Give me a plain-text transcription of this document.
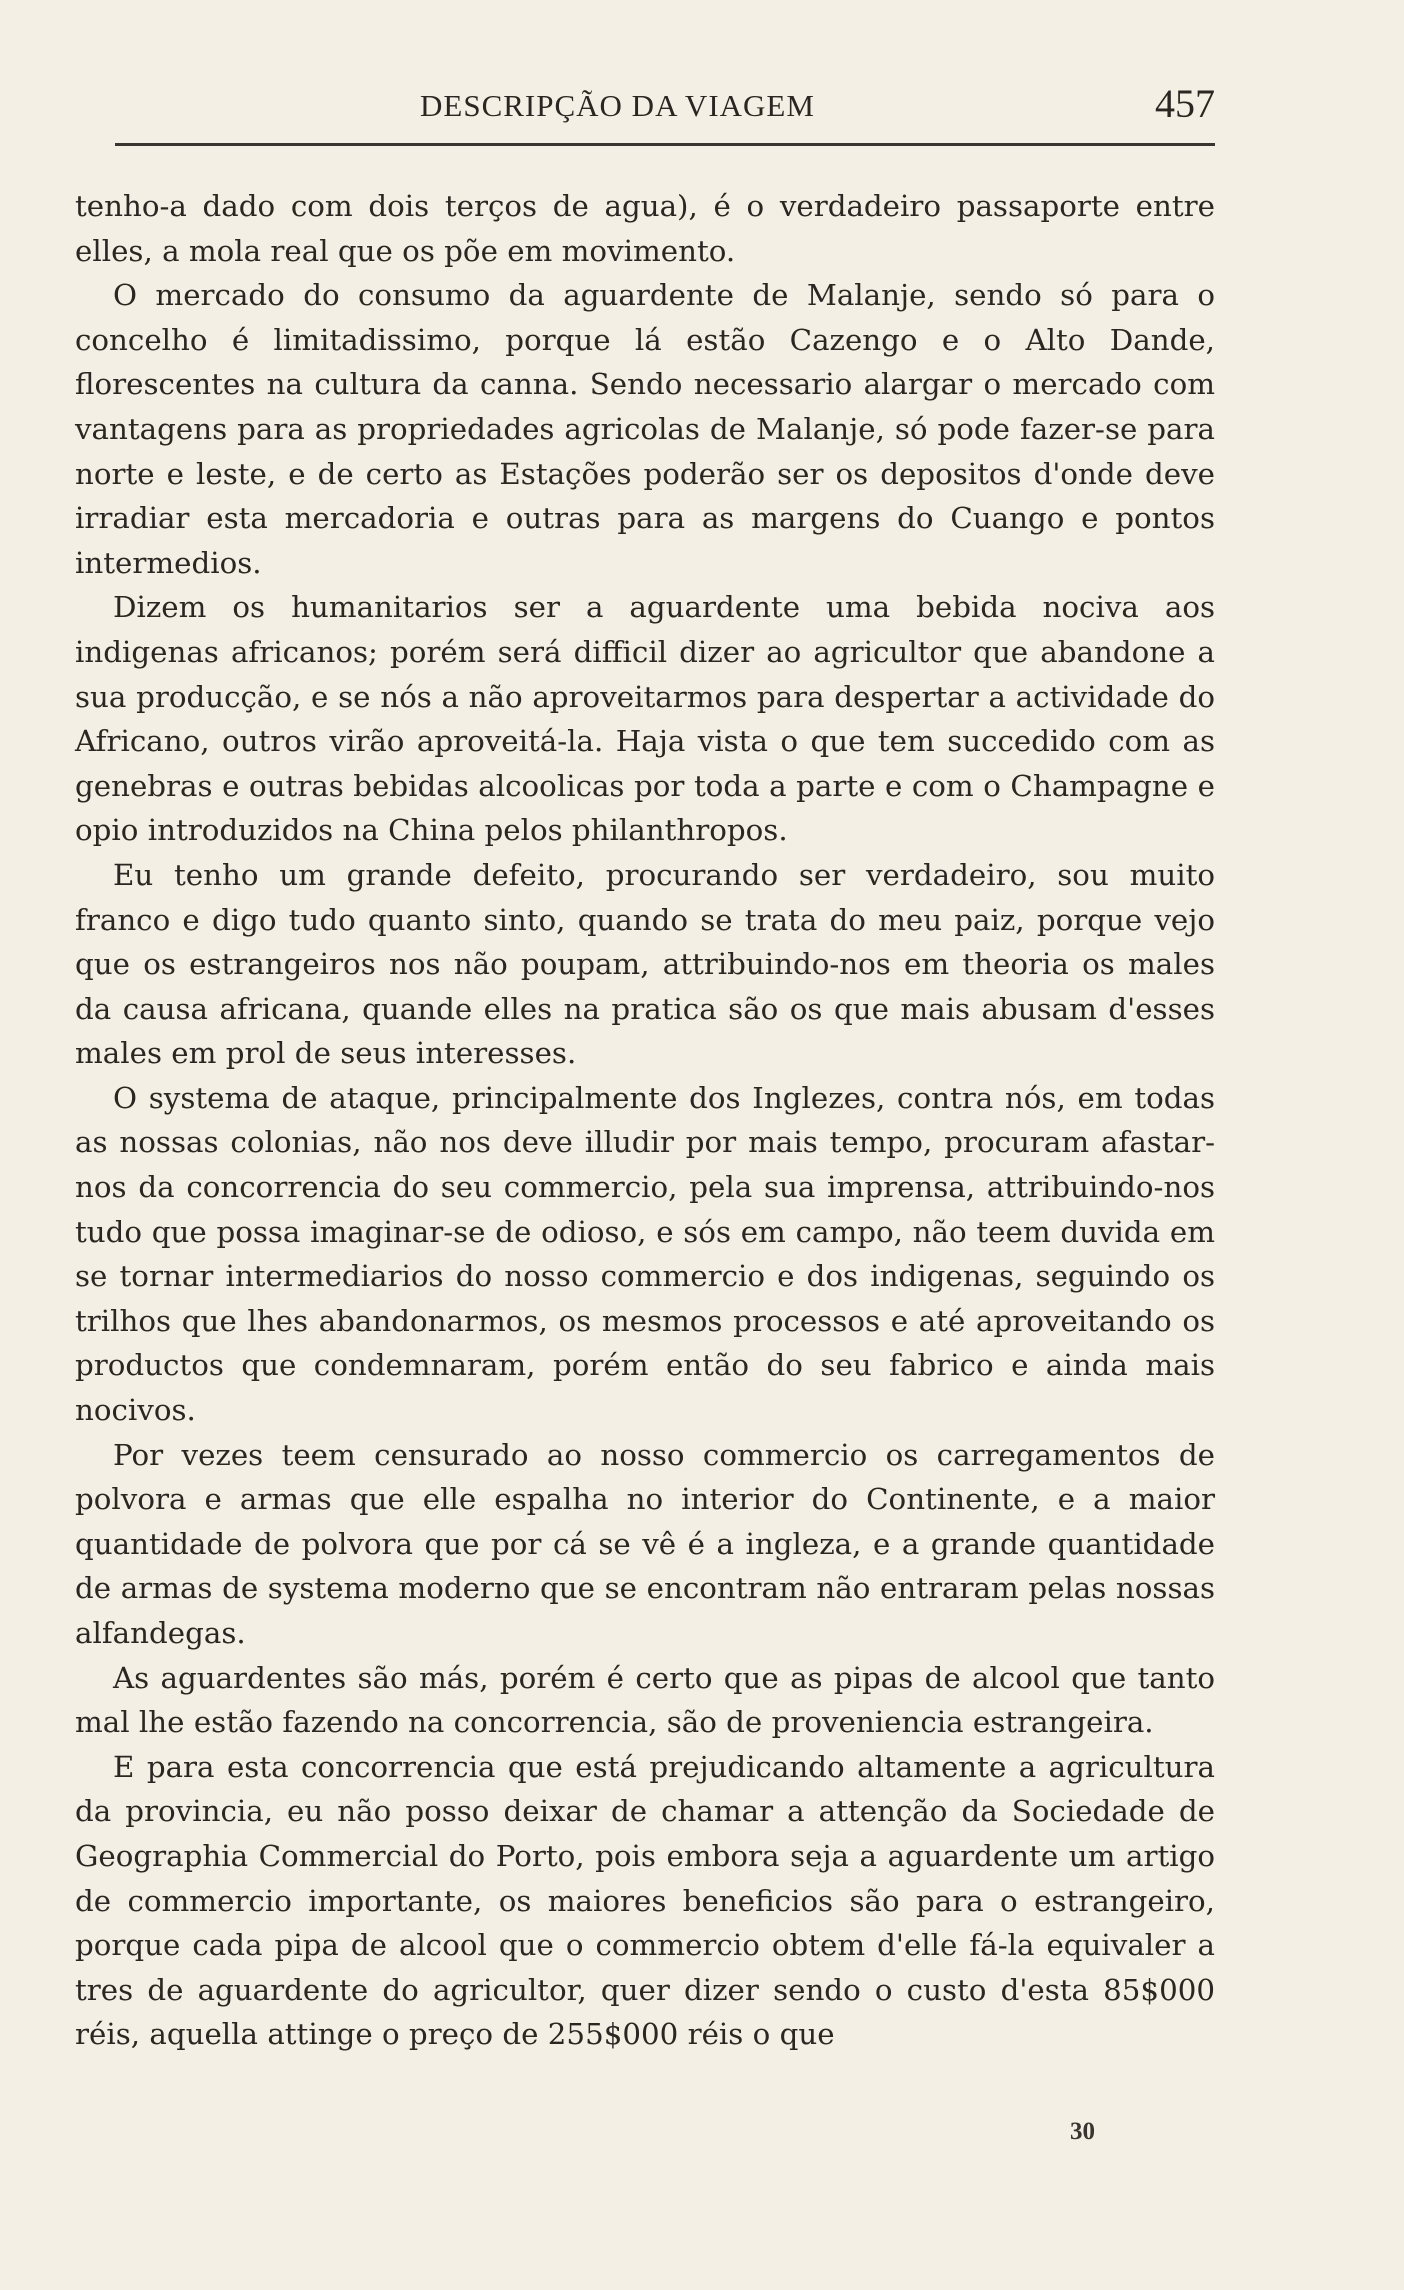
DESCRIPÇÃO DA VIAGEM	457

tenho-a dado com dois terços de agua), é o verdadeiro passaporte entre elles, a mola real que os põe em movimento.

O mercado do consumo da aguardente de Malanje, sendo só para o concelho é limitadissimo, porque lá estão Cazengo e o Alto Dande, florescentes na cultura da canna. Sendo necessario alargar o mercado com vantagens para as propriedades agricolas de Malanje, só pode fazer-se para norte e leste, e de certo as Estações poderão ser os depositos d'onde deve irradiar esta mercadoria e outras para as margens do Cuango e pontos intermedios.

Dizem os humanitarios ser a aguardente uma bebida nociva aos indigenas africanos; porém será difficil dizer ao agricultor que abandone a sua producção, e se nós a não aproveitarmos para despertar a actividade do Africano, outros virão aproveitá-la. Haja vista o que tem succedido com as genebras e outras bebidas alcoolicas por toda a parte e com o Champagne e opio introduzidos na China pelos philanthropos.

Eu tenho um grande defeito, procurando ser verdadeiro, sou muito franco e digo tudo quanto sinto, quando se trata do meu paiz, porque vejo que os estrangeiros nos não poupam, attribuindo-nos em theoria os males da causa africana, quande elles na pratica são os que mais abusam d'esses males em prol de seus interesses.

O systema de ataque, principalmente dos Inglezes, contra nós, em todas as nossas colonias, não nos deve illudir por mais tempo, procuram afastar-nos da concorrencia do seu commercio, pela sua imprensa, attribuindo-nos tudo que possa imaginar-se de odioso, e sós em campo, não teem duvida em se tornar intermediarios do nosso commercio e dos indigenas, seguindo os trilhos que lhes abandonarmos, os mesmos processos e até aproveitando os productos que condemnaram, porém então do seu fabrico e ainda mais nocivos.

Por vezes teem censurado ao nosso commercio os carregamentos de polvora e armas que elle espalha no interior do Continente, e a maior quantidade de polvora que por cá se vê é a ingleza, e a grande quantidade de armas de systema moderno que se encontram não entraram pelas nossas alfandegas.

As aguardentes são más, porém é certo que as pipas de alcool que tanto mal lhe estão fazendo na concorrencia, são de proveniencia estrangeira.

E para esta concorrencia que está prejudicando altamente a agricultura da provincia, eu não posso deixar de chamar a attenção da Sociedade de Geographia Commercial do Porto, pois embora seja a aguardente um artigo de commercio importante, os maiores beneficios são para o estrangeiro, porque cada pipa de alcool que o commercio obtem d'elle fá-la equivaler a tres de aguardente do agricultor, quer dizer sendo o custo d'esta 85$000 réis, aquella attinge o preço de 255$000 réis o que

30
